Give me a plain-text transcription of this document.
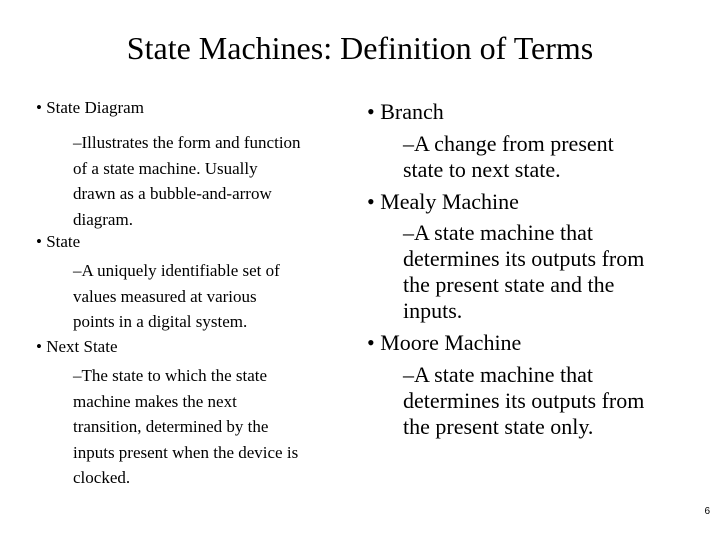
State Machines: Definition of Terms
• State Diagram
–Illustrates the form and function
of a state machine. Usually
drawn as a bubble-and-arrow
diagram.
• State
–A uniquely identifiable set of
values measured at various
points in a digital system.
• Next State
–The state to which the state
machine makes the next
transition, determined by the
inputs present when the device is
clocked.
• Branch
–A change from present
state to next state.
• Mealy Machine
–A state machine that
determines its outputs from
the present state and the
inputs.
• Moore Machine
–A state machine that
determines its outputs from
the present state only.
6
